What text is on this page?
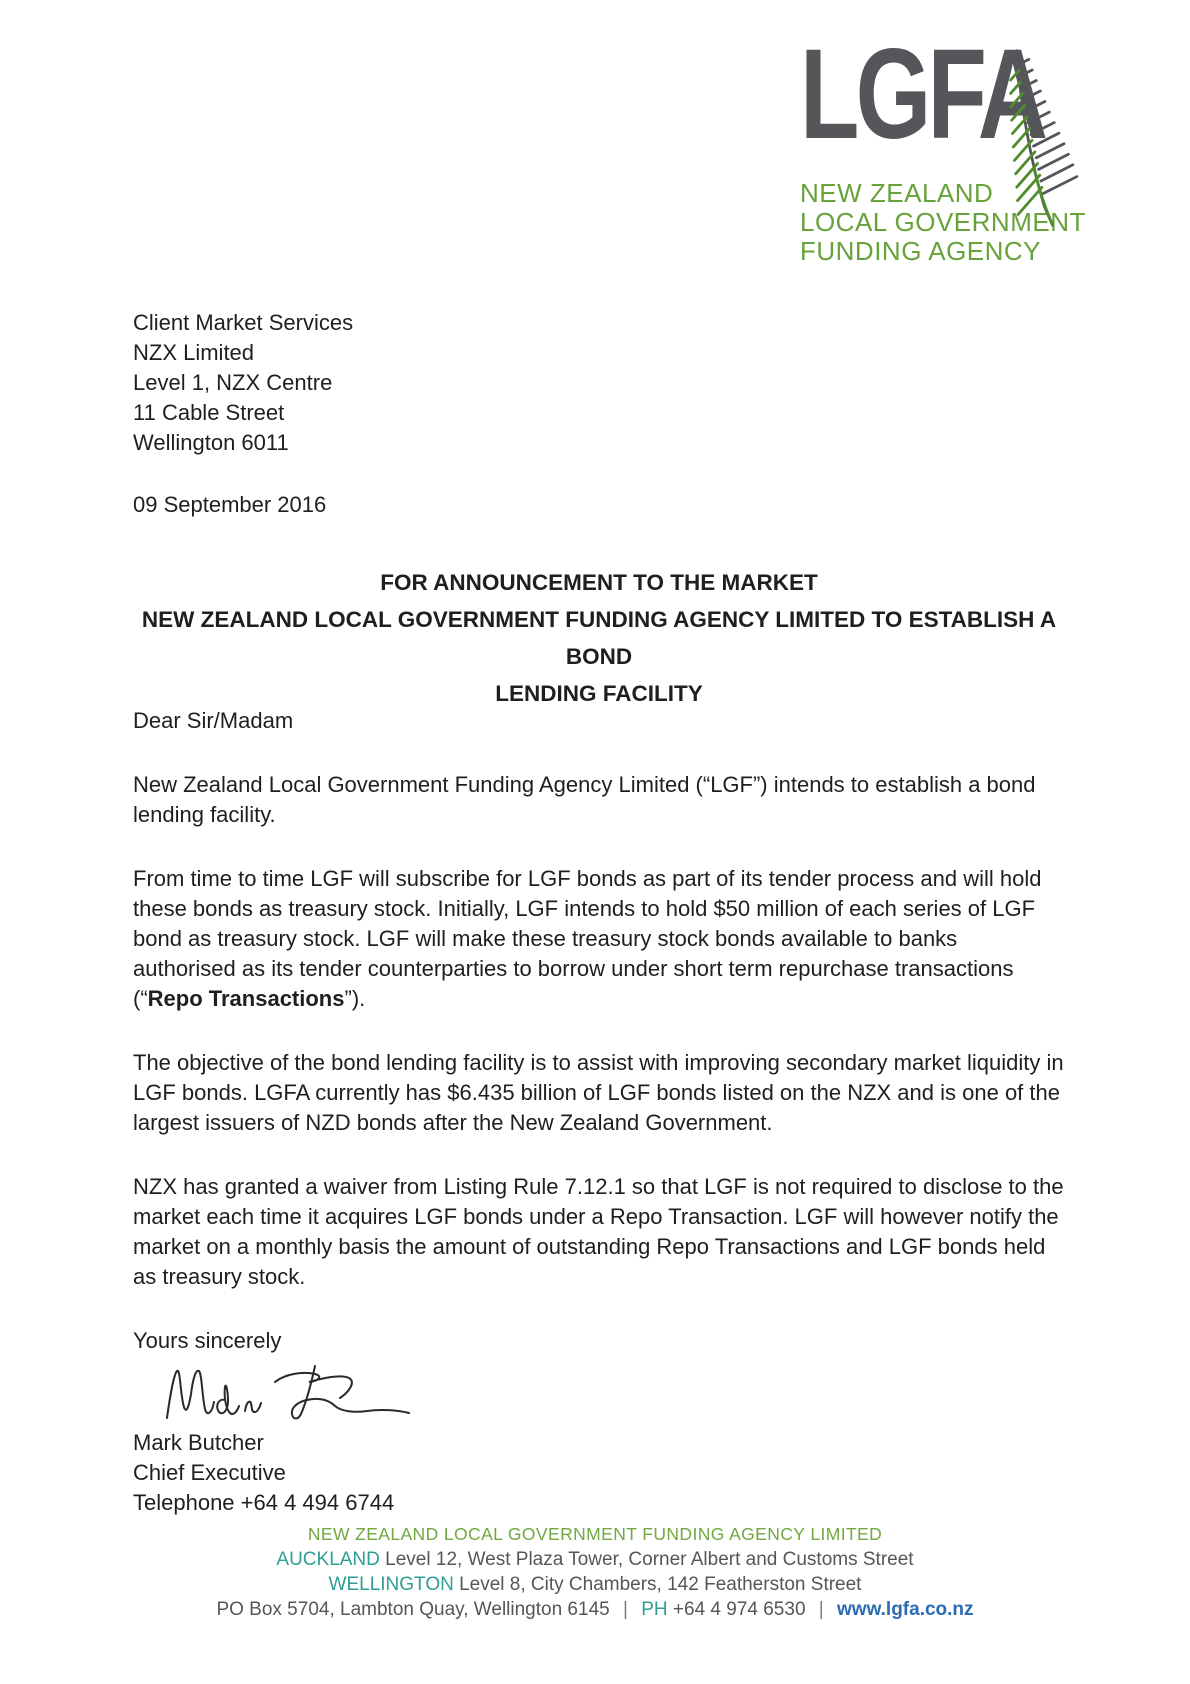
LGFA
NEW ZEALAND
LOCAL GOVERNMENT
FUNDING AGENCY
Client Market Services
NZX Limited
Level 1, NZX Centre
11 Cable Street
Wellington 6011
09 September 2016
FOR ANNOUNCEMENT TO THE MARKET
NEW ZEALAND LOCAL GOVERNMENT FUNDING AGENCY LIMITED TO ESTABLISH A BOND
LENDING FACILITY

Dear Sir/Madam

New Zealand Local Government Funding Agency Limited (“LGF”) intends to establish a bond lending facility.

From time to time LGF will subscribe for LGF bonds as part of its tender process and will hold these bonds as treasury stock. Initially, LGF intends to hold $50 million of each series of LGF bond as treasury stock. LGF will make these treasury stock bonds available to banks authorised as its tender counterparties to borrow under short term repurchase transactions (“Repo Transactions”).

The objective of the bond lending facility is to assist with improving secondary market liquidity in LGF bonds. LGFA currently has $6.435 billion of LGF bonds listed on the NZX and is one of the largest issuers of NZD bonds after the New Zealand Government.

NZX has granted a waiver from Listing Rule 7.12.1 so that LGF is not required to disclose to the market each time it acquires LGF bonds under a Repo Transaction. LGF will however notify the market on a monthly basis the amount of outstanding Repo Transactions and LGF bonds held as treasury stock.

Yours sincerely

Mark Butcher
Chief Executive
Telephone +64 4 494 6744
NEW ZEALAND LOCAL GOVERNMENT FUNDING AGENCY LIMITED
AUCKLAND Level 12, West Plaza Tower, Corner Albert and Customs Street
WELLINGTON Level 8, City Chambers, 142 Featherston Street
PO Box 5704, Lambton Quay, Wellington 6145 | PH +64 4 974 6530 | www.lgfa.co.nz
